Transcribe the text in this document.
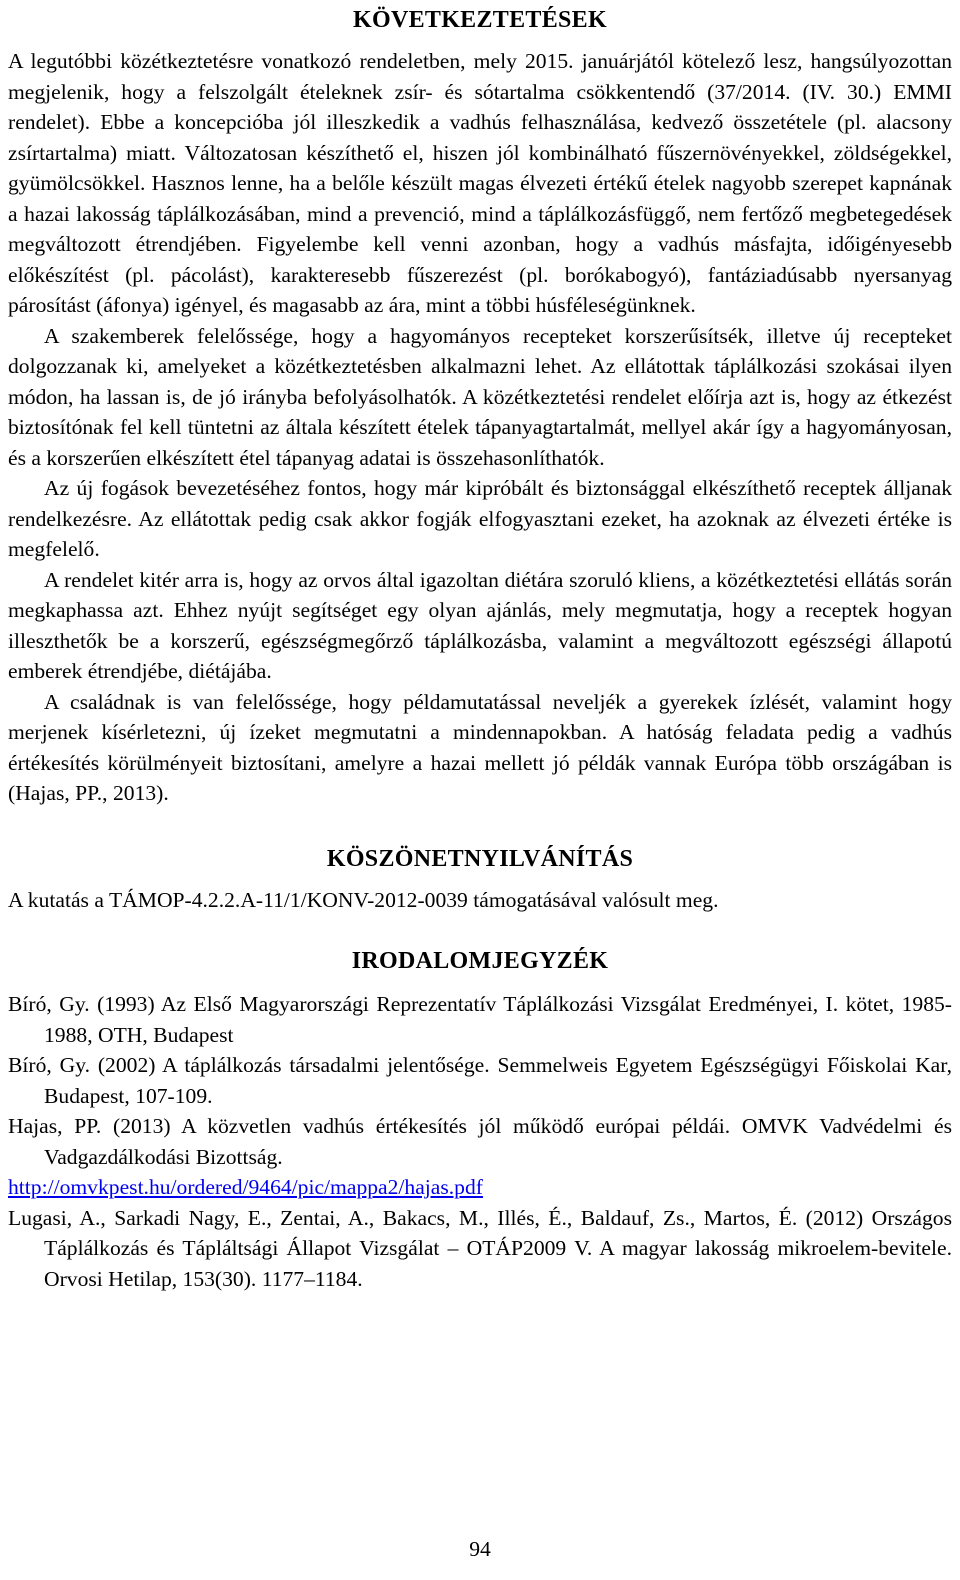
KÖVETKEZTETÉSEK

A legutóbbi közétkeztetésre vonatkozó rendeletben, mely 2015. januárjától kötelező lesz, hangsúlyozottan megjelenik, hogy a felszolgált ételeknek zsír- és sótartalma csökkentendő (37/2014. (IV. 30.) EMMI rendelet). Ebbe a koncepcióba jól illeszkedik a vadhús felhasználása, kedvező összetétele (pl. alacsony zsírtartalma) miatt. Változatosan készíthető el, hiszen jól kombinálható fűszernövényekkel, zöldségekkel, gyümölcsökkel. Hasznos lenne, ha a belőle készült magas élvezeti értékű ételek nagyobb szerepet kapnának a hazai lakosság táplálkozásában, mind a prevenció, mind a táplálkozásfüggő, nem fertőző megbetegedések megváltozott étrendjében. Figyelembe kell venni azonban, hogy a vadhús másfajta, időigényesebb előkészítést (pl. pácolást), karakteresebb fűszerezést (pl. borókabogyó), fantáziadúsabb nyersanyag párosítást (áfonya) igényel, és magasabb az ára, mint a többi húsféleségünknek.

A szakemberek felelőssége, hogy a hagyományos recepteket korszerűsítsék, illetve új recepteket dolgozzanak ki, amelyeket a közétkeztetésben alkalmazni lehet. Az ellátottak táplálkozási szokásai ilyen módon, ha lassan is, de jó irányba befolyásolhatók. A közétkeztetési rendelet előírja azt is, hogy az étkezést biztosítónak fel kell tüntetni az általa készített ételek tápanyagtartalmát, mellyel akár így a hagyományosan, és a korszerűen elkészített étel tápanyag adatai is összehasonlíthatók.

Az új fogások bevezetéséhez fontos, hogy már kipróbált és biztonsággal elkészíthető receptek álljanak rendelkezésre. Az ellátottak pedig csak akkor fogják elfogyasztani ezeket, ha azoknak az élvezeti értéke is megfelelő.

A rendelet kitér arra is, hogy az orvos által igazoltan diétára szoruló kliens, a közétkeztetési ellátás során megkaphassa azt. Ehhez nyújt segítséget egy olyan ajánlás, mely megmutatja, hogy a receptek hogyan illeszthetők be a korszerű, egészségmegőrző táplálkozásba, valamint a megváltozott egészségi állapotú emberek étrendjébe, diétájába.

A családnak is van felelőssége, hogy példamutatással neveljék a gyerekek ízlését, valamint hogy merjenek kísérletezni, új ízeket megmutatni a mindennapokban. A hatóság feladata pedig a vadhús értékesítés körülményeit biztosítani, amelyre a hazai mellett jó példák vannak Európa több országában is (Hajas, PP., 2013).

KÖSZÖNETNYILVÁNÍTÁS

A kutatás a TÁMOP-4.2.2.A-11/1/KONV-2012-0039 támogatásával valósult meg.

IRODALOMJEGYZÉK
Bíró, Gy. (1993) Az Első Magyarországi Reprezentatív Táplálkozási Vizsgálat Eredményei, I. kötet, 1985-1988, OTH, Budapest
Bíró, Gy. (2002) A táplálkozás társadalmi jelentősége. Semmelweis Egyetem Egészségügyi Főiskolai Kar, Budapest, 107-109.
Hajas, PP. (2013) A közvetlen vadhús értékesítés jól működő európai példái. OMVK Vadvédelmi és Vadgazdálkodási Bizottság.
http://omvkpest.hu/ordered/9464/pic/mappa2/hajas.pdf
Lugasi, A., Sarkadi Nagy, E., Zentai, A., Bakacs, M., Illés, É., Baldauf, Zs., Martos, É. (2012) Országos Táplálkozás és Tápláltsági Állapot Vizsgálat – OTÁP2009 V. A magyar lakosság mikroelem-bevitele. Orvosi Hetilap, 153(30). 1177–1184.
94
